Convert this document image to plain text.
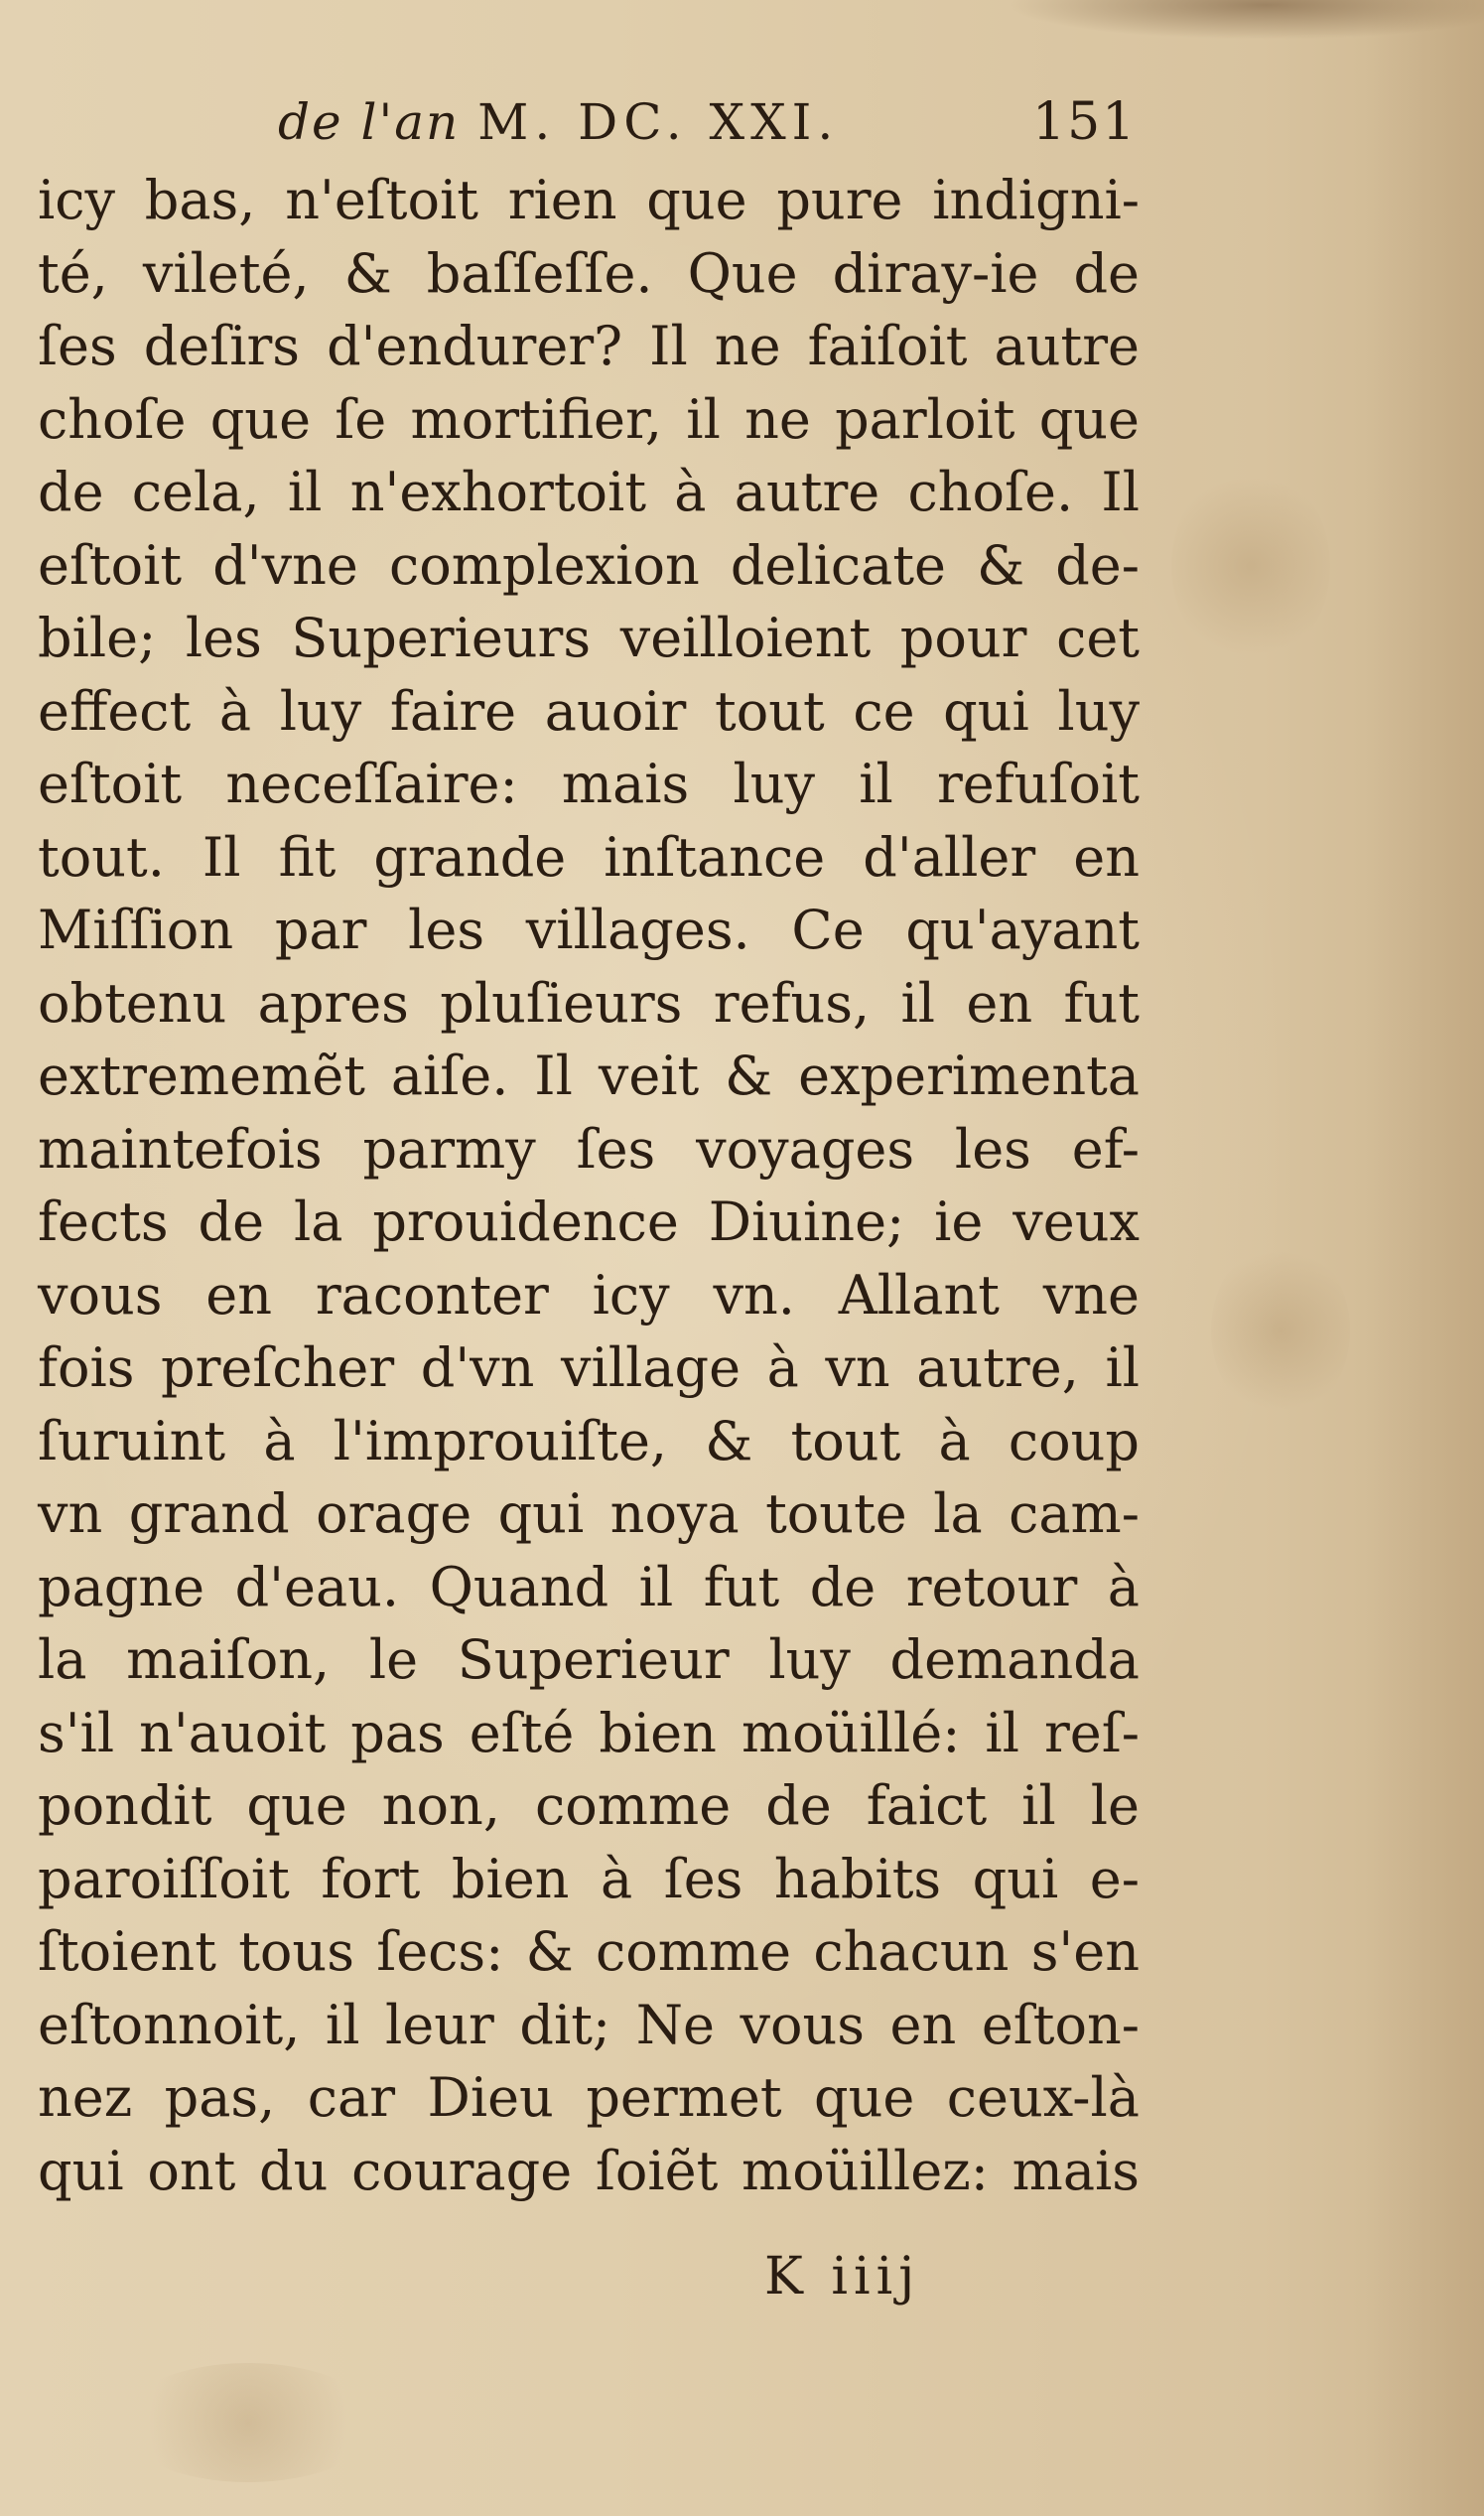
de l'an M. DC. XXI.	151
icy bas, n'eſtoit rien que pure indigni-
té, vileté, & baſſeſſe. Que diray-ie de
ſes deſirs d'endurer? Il ne faiſoit autre
choſe que ſe mortifier, il ne parloit que
de cela, il n'exhortoit à autre choſe. Il
eſtoit d'vne complexion delicate & de-
bile; les Superieurs veilloient pour cet
effect à luy faire auoir tout ce qui luy
eſtoit neceſſaire: mais luy il refuſoit
tout. Il fit grande inſtance d'aller en
Miſſion par les villages. Ce qu'ayant
obtenu apres pluſieurs refus, il en fut
extrememẽt aiſe. Il veit & experimenta
maintefois parmy ſes voyages les ef-
fects de la prouidence Diuine; ie veux
vous en raconter icy vn. Allant vne
fois preſcher d'vn village à vn autre, il
ſuruint à l'improuiſte, & tout à coup
vn grand orage qui noya toute la cam-
pagne d'eau. Quand il fut de retour à
la maiſon, le Superieur luy demanda
s'il n'auoit pas eſté bien moüillé: il reſ-
pondit que non, comme de faict il le
paroiſſoit fort bien à ſes habits qui e-
ſtoient tous ſecs: & comme chacun s'en
eſtonnoit, il leur dit; Ne vous en eſton-
nez pas, car Dieu permet que ceux-là
qui ont du courage ſoiẽt moüillez: mais
K iiij
